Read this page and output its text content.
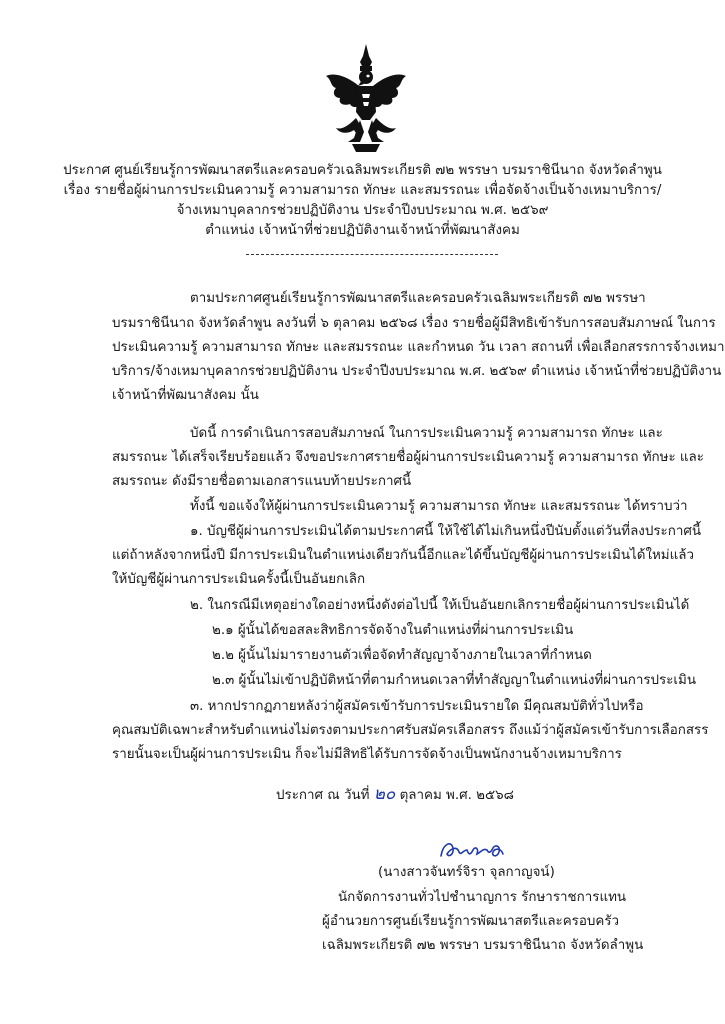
ประกาศ ศูนย์เรียนรู้การพัฒนาสตรีและครอบครัวเฉลิมพระเกียรติ ๗๒ พรรษา บรมราชินีนาถ จังหวัดลำพูน
เรื่อง รายชื่อผู้ผ่านการประเมินความรู้ ความสามารถ ทักษะ และสมรรถนะ เพื่อจัดจ้างเป็นจ้างเหมาบริการ/
จ้างเหมาบุคลากรช่วยปฏิบัติงาน ประจำปีงบประมาณ พ.ศ. ๒๕๖๙
ตำแหน่ง เจ้าหน้าที่ช่วยปฏิบัติงานเจ้าหน้าที่พัฒนาสังคม
ตามประกาศศูนย์เรียนรู้การพัฒนาสตรีและครอบครัวเฉลิมพระเกียรติ ๗๒ พรรษา
บรมราชินีนาถ จังหวัดลำพูน ลงวันที่ ๖ ตุลาคม ๒๕๖๘ เรื่อง รายชื่อผู้มีสิทธิเข้ารับการสอบสัมภาษณ์ ในการ
ประเมินความรู้ ความสามารถ ทักษะ และสมรรถนะ และกำหนด วัน เวลา สถานที่ เพื่อเลือกสรรการจ้างเหมา
บริการ/จ้างเหมาบุคลากรช่วยปฏิบัติงาน ประจำปีงบประมาณ พ.ศ. ๒๕๖๙ ตำแหน่ง เจ้าหน้าที่ช่วยปฏิบัติงาน
เจ้าหน้าที่พัฒนาสังคม นั้น
บัดนี้ การดำเนินการสอบสัมภาษณ์ ในการประเมินความรู้ ความสามารถ ทักษะ และ
สมรรถนะ ได้เสร็จเรียบร้อยแล้ว จึงขอประกาศรายชื่อผู้ผ่านการประเมินความรู้ ความสามารถ ทักษะ และ
สมรรถนะ ดังมีรายชื่อตามเอกสารแนบท้ายประกาศนี้
ทั้งนี้ ขอแจ้งให้ผู้ผ่านการประเมินความรู้ ความสามารถ ทักษะ และสมรรถนะ ได้ทราบว่า
๑. บัญชีผู้ผ่านการประเมินได้ตามประกาศนี้ ให้ใช้ได้ไม่เกินหนึ่งปีนับตั้งแต่วันที่ลงประกาศนี้
แต่ถ้าหลังจากหนึ่งปี มีการประเมินในตำแหน่งเดียวกันนี้อีกและได้ขึ้นบัญชีผู้ผ่านการประเมินได้ใหม่แล้ว
ให้บัญชีผู้ผ่านการประเมินครั้งนี้เป็นอันยกเลิก
๒. ในกรณีมีเหตุอย่างใดอย่างหนึ่งดังต่อไปนี้ ให้เป็นอันยกเลิกรายชื่อผู้ผ่านการประเมินได้
๒.๑ ผู้นั้นได้ขอสละสิทธิการจัดจ้างในตำแหน่งที่ผ่านการประเมิน
๒.๒ ผู้นั้นไม่มารายงานตัวเพื่อจัดทำสัญญาจ้างภายในเวลาที่กำหนด
๒.๓ ผู้นั้นไม่เข้าปฏิบัติหน้าที่ตามกำหนดเวลาที่ทำสัญญาในตำแหน่งที่ผ่านการประเมิน
๓. หากปรากฏภายหลังว่าผู้สมัครเข้ารับการประเมินรายใด มีคุณสมบัติทั่วไปหรือ
คุณสมบัติเฉพาะสำหรับตำแหน่งไม่ตรงตามประกาศรับสมัครเลือกสรร ถึงแม้ว่าผู้สมัครเข้ารับการเลือกสรร
รายนั้นจะเป็นผู้ผ่านการประเมิน ก็จะไม่มีสิทธิได้รับการจัดจ้างเป็นพนักงานจ้างเหมาบริการ
ประกาศ ณ วันที่ ๒๐ ตุลาคม พ.ศ. ๒๕๖๘
(นางสาวจันทร์จิรา จุลกาญจน์)
นักจัดการงานทั่วไปชำนาญการ รักษาราชการแทน
ผู้อำนวยการศูนย์เรียนรู้การพัฒนาสตรีและครอบครัว
เฉลิมพระเกียรติ ๗๒ พรรษา บรมราชินีนาถ จังหวัดลำพูน
